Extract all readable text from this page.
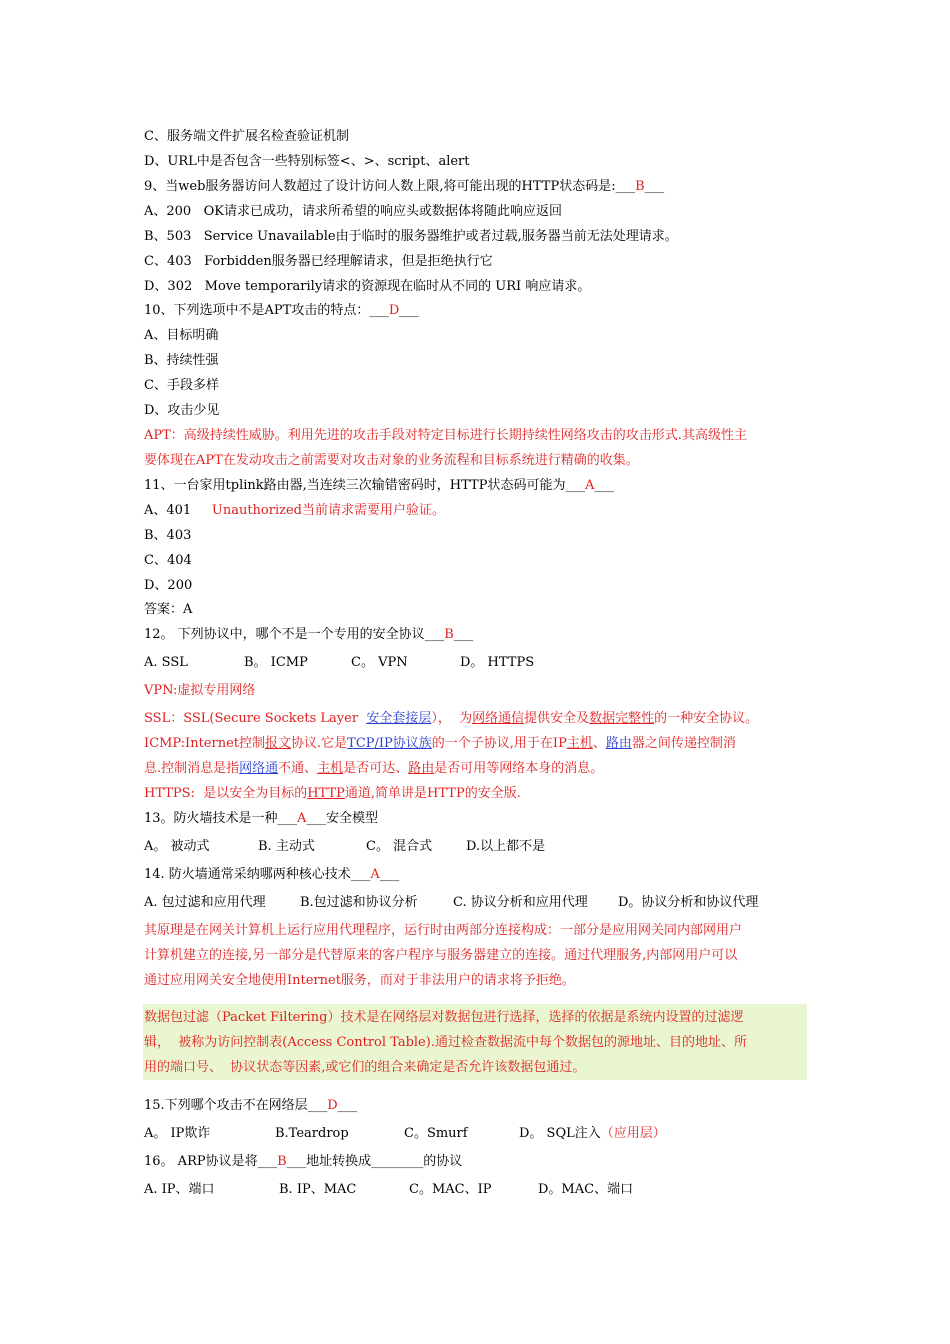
C、服务端文件扩展名检查验证机制
D、URL中是否包含一些特别标签<、>、script、alert
9、当web服务器访问人数超过了设计访问人数上限,将可能出现的HTTP状态码是:___B___
A、200   OK请求已成功，请求所希望的响应头或数据体将随此响应返回
B、503   Service Unavailable由于临时的服务器维护或者过载,服务器当前无法处理请求。
C、403   Forbidden服务器已经理解请求，但是拒绝执行它
D、302   Move temporarily请求的资源现在临时从不同的 URI 响应请求。
10、下列选项中不是APT攻击的特点：___D___
A、目标明确
B、持续性强
C、手段多样
D、攻击少见
APT：高级持续性威胁。利用先进的攻击手段对特定目标进行长期持续性网络攻击的攻击形式.其高级性主
要体现在APT在发动攻击之前需要对攻击对象的业务流程和目标系统进行精确的收集。
11、一台家用tplink路由器,当连续三次输错密码时，HTTP状态码可能为___A___
A、401 Unauthorized当前请求需要用户验证。
B、403
C、404
D、200
答案：A
12。 下列协议中，哪个不是一个专用的安全协议___B___
A. SSL	B。 ICMP	C。 VPN	D。 HTTPS
VPN:虚拟专用网络
SSL：SSL(Secure Sockets Layer  安全套接层），  为网络通信提供安全及数据完整性的一种安全协议。
ICMP:Internet控制报文协议.它是TCP/IP协议族的一个子协议,用于在IP主机、路由器之间传递控制消
息.控制消息是指网络通不通、主机是否可达、路由是否可用等网络本身的消息。
HTTPS:  是以安全为目标的HTTP通道,简单讲是HTTP的安全版.
13。防火墙技术是一种___A___安全模型
A。 被动式	B. 主动式	C。 混合式	D.以上都不是
14. 防火墙通常采纳哪两种核心技术___A___
A. 包过滤和应用代理	B.包过滤和协议分析	C. 协议分析和应用代理 D。协议分析和协议代理
其原理是在网关计算机上运行应用代理程序，运行时由两部分连接构成：一部分是应用网关同内部网用户
计算机建立的连接,另一部分是代替原来的客户程序与服务器建立的连接。通过代理服务,内部网用户可以
通过应用网关安全地使用Internet服务，而对于非法用户的请求将予拒绝。
数据包过滤（Packet Filtering）技术是在网络层对数据包进行选择，选择的依据是系统内设置的过滤逻
辑，  被称为访问控制表(Access Control Table).通过检查数据流中每个数据包的源地址、目的地址、所
用的端口号、  协议状态等因素,或它们的组合来确定是否允许该数据包通过。
15.下列哪个攻击不在网络层___D___
A。 IP欺诈	B.Teardrop	C。Smurf	D。 SQL注入（应用层）
16。 ARP协议是将___B___地址转换成________的协议
A. IP、端口	B. IP、MAC	C。MAC、IP	D。MAC、端口
